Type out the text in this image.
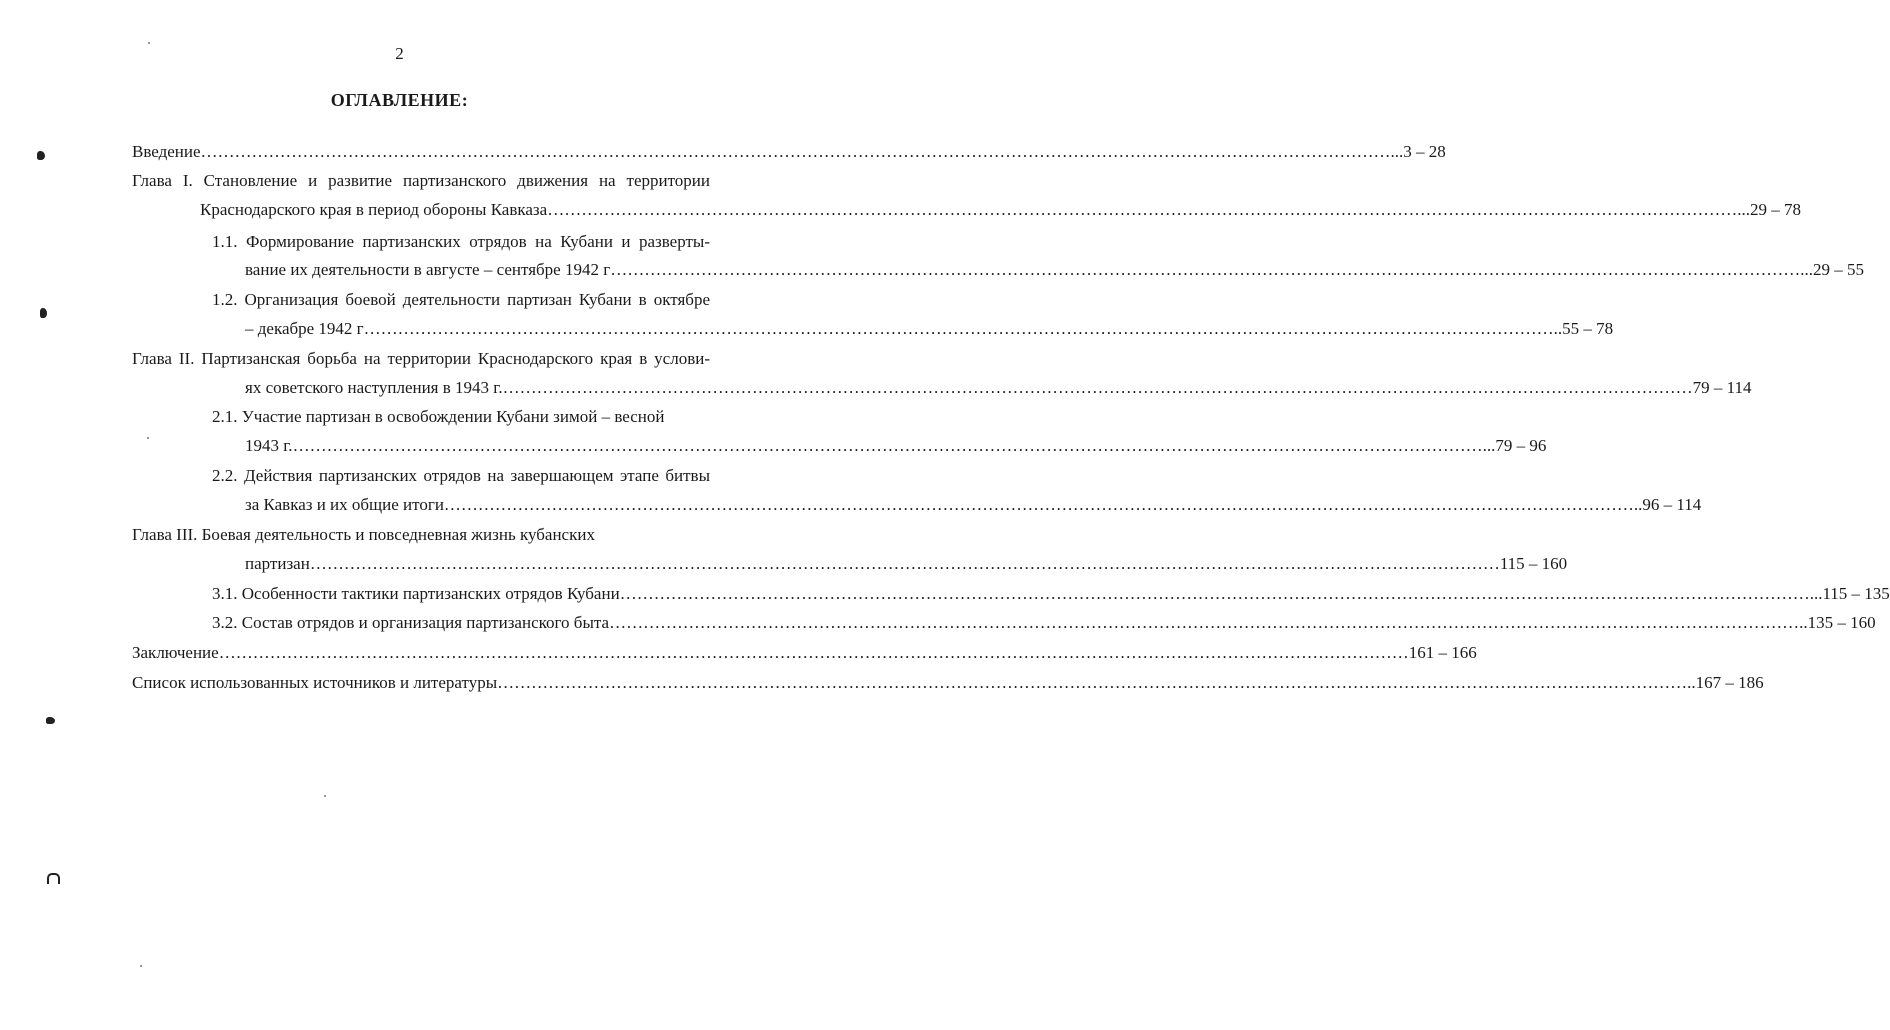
2
ОГЛАВЛЕНИЕ:
Введение ………………………………………………………………………………………………………………………………………………………………………………………… ...3 – 28
Глава I. Становление и развитие партизанского движения на территории
Краснодарского края в период обороны Кавказа ………………………………………………………………………………………………………………………………………………………………………………………… ...29 – 78
1.1. Формирование партизанских отрядов на Кубани и разверты-
вание их деятельности в августе – сентябре 1942 г ………………………………………………………………………………………………………………………………………………………………………………………… ...29 – 55
1.2. Организация боевой деятельности партизан Кубани в октябре
– декабре 1942 г ………………………………………………………………………………………………………………………………………………………………………………………… ..55 – 78
Глава II. Партизанская борьба на территории Краснодарского края в услови-
ях советского наступления в 1943 г. ………………………………………………………………………………………………………………………………………………………………………………………… 79 – 114
2.1. Участие партизан в освобождении Кубани зимой – весной
1943 г. ………………………………………………………………………………………………………………………………………………………………………………………… ...79 – 96
2.2. Действия партизанских отрядов на завершающем этапе битвы
за Кавказ и их общие итоги ………………………………………………………………………………………………………………………………………………………………………………………… ..96 – 114
Глава III. Боевая деятельность и повседневная жизнь кубанских
партизан ………………………………………………………………………………………………………………………………………………………………………………………… 115 – 160
3.1. Особенности тактики партизанских отрядов Кубани ………………………………………………………………………………………………………………………………………………………………………………………… ...115 – 135
3.2. Состав отрядов и организация партизанского быта ………………………………………………………………………………………………………………………………………………………………………………………… ..135 – 160
Заключение ………………………………………………………………………………………………………………………………………………………………………………………… 161 – 166
Список использованных источников и литературы ………………………………………………………………………………………………………………………………………………………………………………………… ..167 – 186
